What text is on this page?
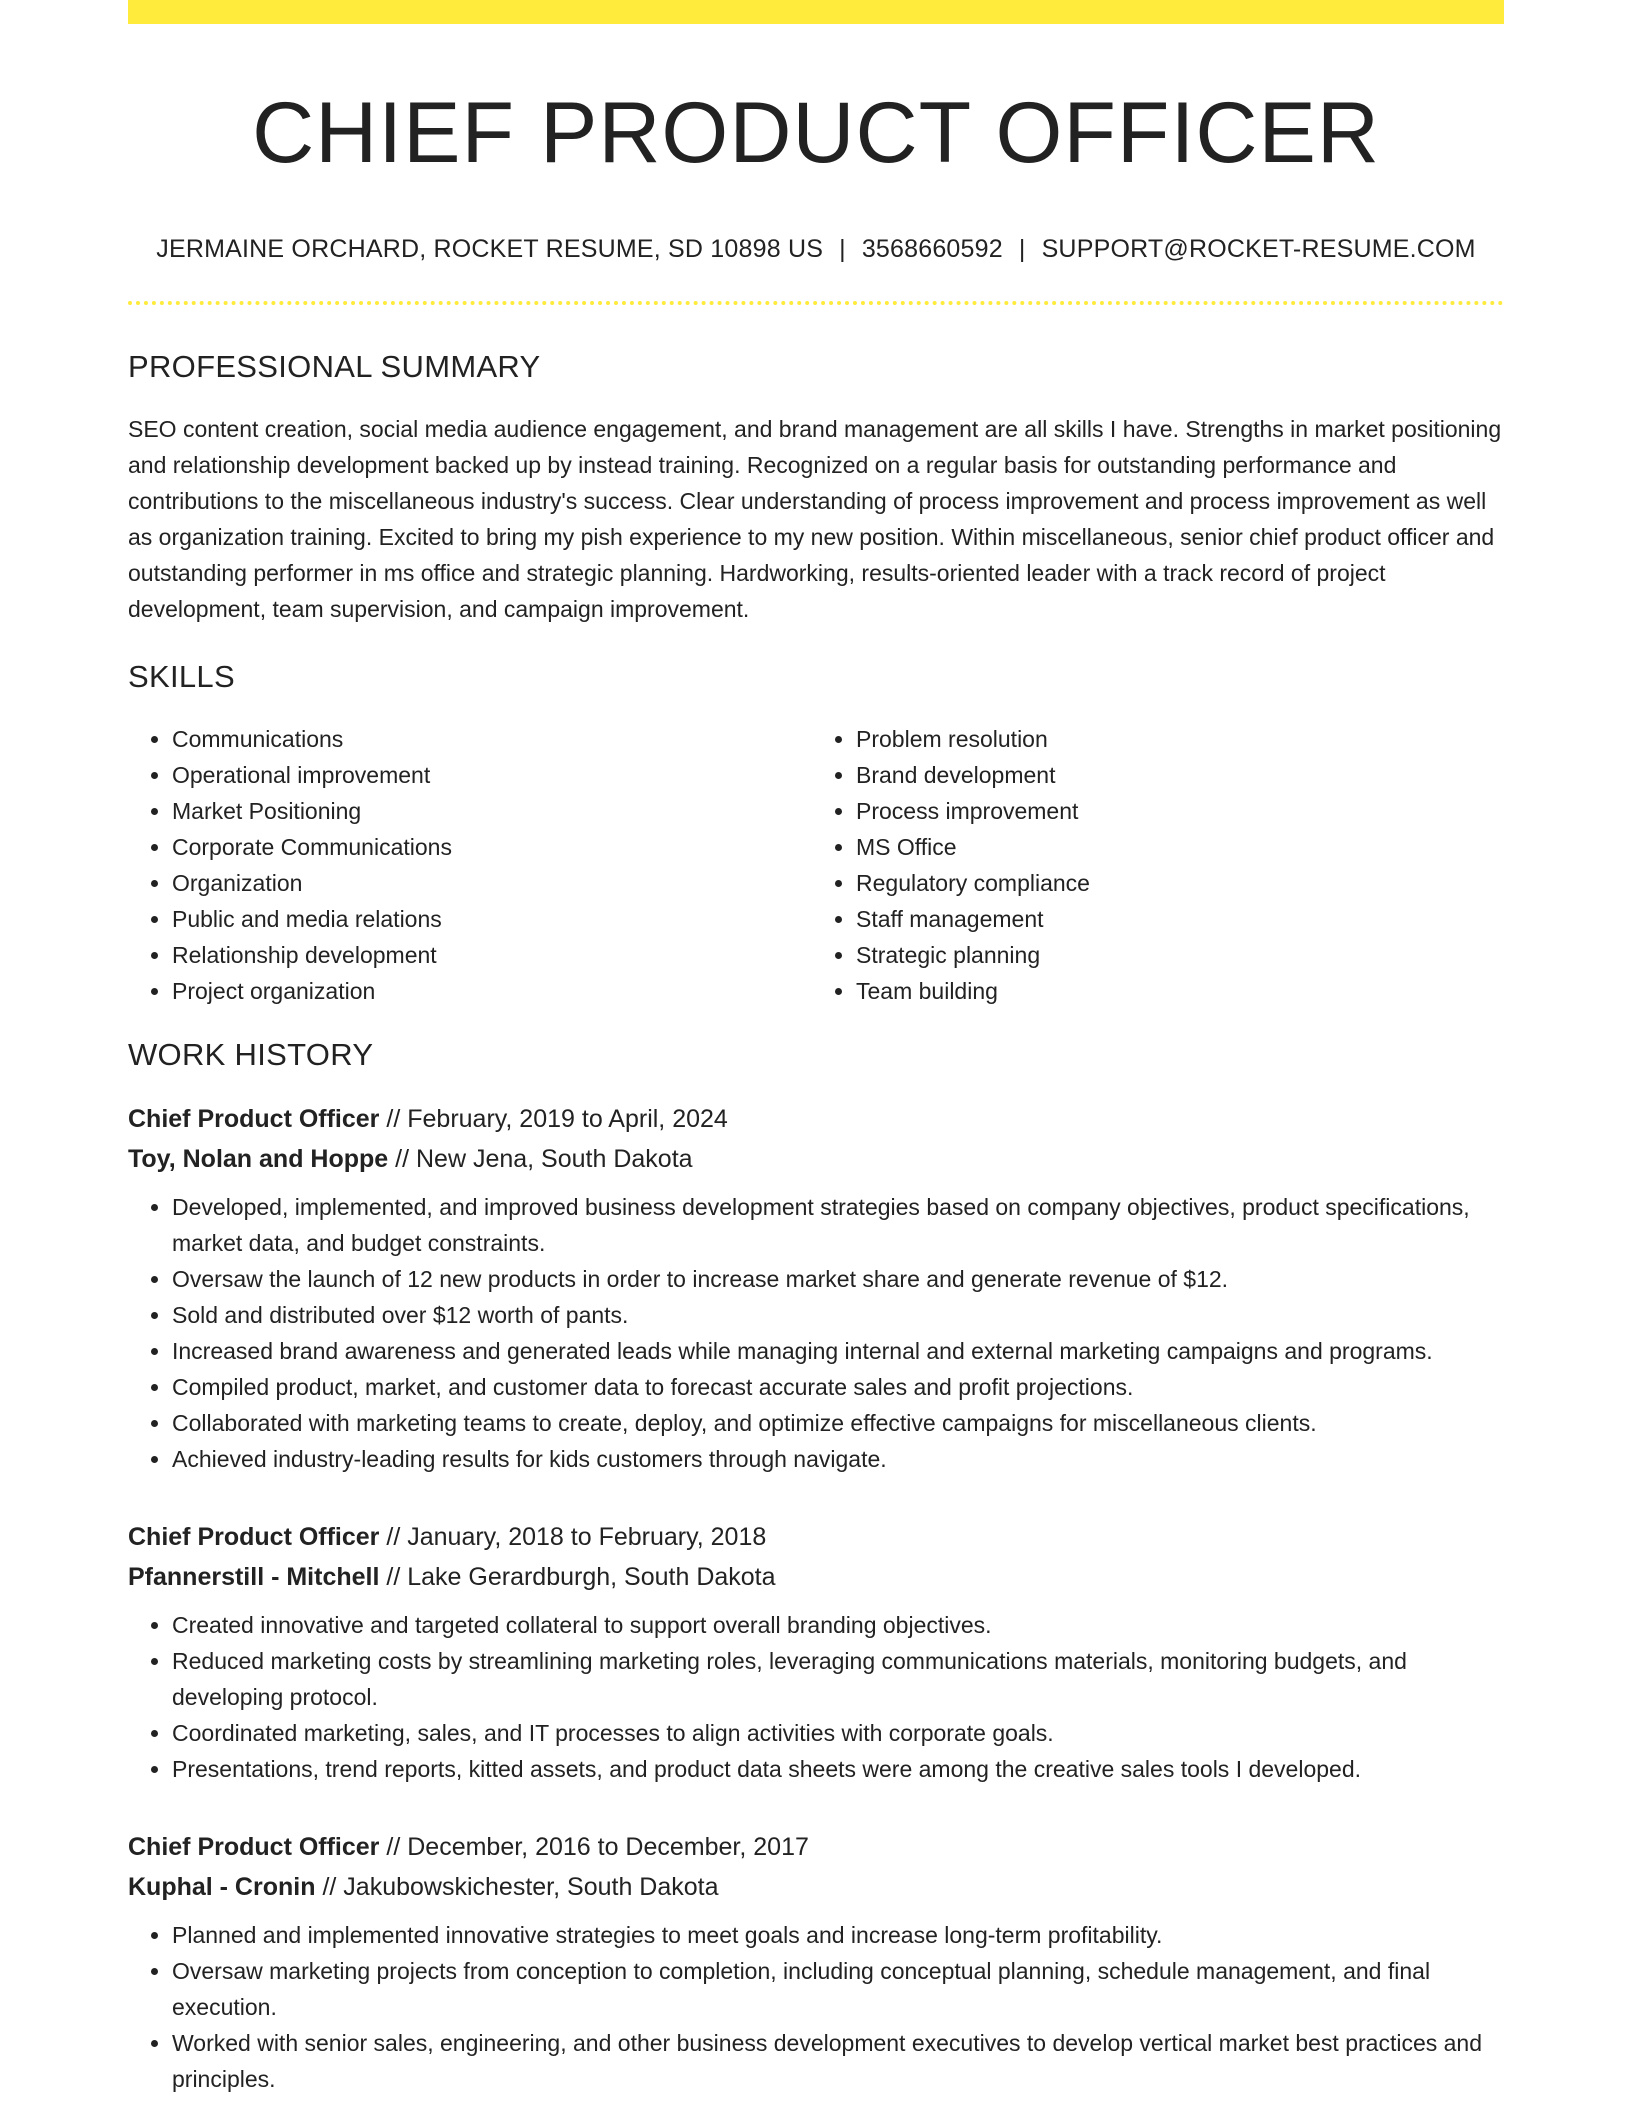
CHIEF PRODUCT OFFICER
JERMAINE ORCHARD, ROCKET RESUME, SD 10898 US | 3568660592 | SUPPORT@ROCKET-RESUME.COM
PROFESSIONAL SUMMARY
SEO content creation, social media audience engagement, and brand management are all skills I have. Strengths in market positioning and relationship development backed up by instead training. Recognized on a regular basis for outstanding performance and contributions to the miscellaneous industry's success. Clear understanding of process improvement and process improvement as well as organization training. Excited to bring my pish experience to my new position. Within miscellaneous, senior chief product officer and outstanding performer in ms office and strategic planning. Hardworking, results-oriented leader with a track record of project development, team supervision, and campaign improvement.
SKILLS
• Communications
• Operational improvement
• Market Positioning
• Corporate Communications
• Organization
• Public and media relations
• Relationship development
• Project organization
• Problem resolution
• Brand development
• Process improvement
• MS Office
• Regulatory compliance
• Staff management
• Strategic planning
• Team building
WORK HISTORY
Chief Product Officer // February, 2019 to April, 2024
Toy, Nolan and Hoppe // New Jena, South Dakota
• Developed, implemented, and improved business development strategies based on company objectives, product specifications, market data, and budget constraints.
• Oversaw the launch of 12 new products in order to increase market share and generate revenue of $12.
• Sold and distributed over $12 worth of pants.
• Increased brand awareness and generated leads while managing internal and external marketing campaigns and programs.
• Compiled product, market, and customer data to forecast accurate sales and profit projections.
• Collaborated with marketing teams to create, deploy, and optimize effective campaigns for miscellaneous clients.
• Achieved industry-leading results for kids customers through navigate.
Chief Product Officer // January, 2018 to February, 2018
Pfannerstill - Mitchell // Lake Gerardburgh, South Dakota
• Created innovative and targeted collateral to support overall branding objectives.
• Reduced marketing costs by streamlining marketing roles, leveraging communications materials, monitoring budgets, and developing protocol.
• Coordinated marketing, sales, and IT processes to align activities with corporate goals.
• Presentations, trend reports, kitted assets, and product data sheets were among the creative sales tools I developed.
Chief Product Officer // December, 2016 to December, 2017
Kuphal - Cronin // Jakubowskichester, South Dakota
• Planned and implemented innovative strategies to meet goals and increase long-term profitability.
• Oversaw marketing projects from conception to completion, including conceptual planning, schedule management, and final execution.
• Worked with senior sales, engineering, and other business development executives to develop vertical market best practices and principles.
